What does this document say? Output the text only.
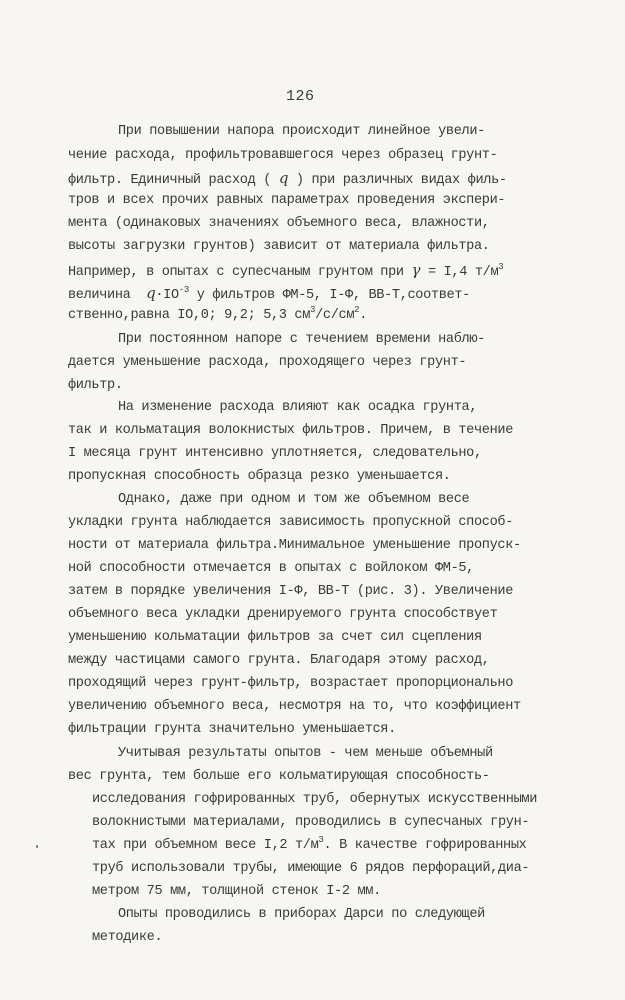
126
При повышении напора происходит линейное увели-
чение расхода, профильтровавшегося через образец грунт-
фильтр. Единичный расход ( q ) при различных видах филь-
тров и всех прочих равных параметрах проведения экспери-
мента (одинаковых значениях объемного веса, влажности,
высоты загрузки грунтов) зависит от материала фильтра.
Например, в опытах с супесчаным грунтом при γ = I,4 $т/м^3$
величина  $q\cdot IO^{-3}$ у фильтров ФМ-5, I-Ф, ВВ-Т,соответ-
ственно,равна IO,0; 9,2; 5,3 $см^3/с/см^2$.
При постоянном напоре с течением времени наблю-
дается уменьшение расхода, проходящего через грунт-
фильтр.
На изменение расхода влияют как осадка грунта,
так и кольматация волокнистых фильтров. Причем, в течение
I месяца грунт интенсивно уплотняется, следовательно,
пропускная способность образца резко уменьшается.
Однако, даже при одном и том же объемном весе
укладки грунта наблюдается зависимость пропускной способ-
ности от материала фильтра.Минимальное уменьшение пропуск-
ной способности отмечается в опытах с войлоком ФМ-5,
затем в порядке увеличения I-Ф, ВВ-Т (рис. 3). Увеличение
объемного веса укладки дренируемого грунта способствует
уменьшению кольматации фильтров за счет сил сцепления
между частицами самого грунта. Благодаря этому расход,
проходящий через грунт-фильтр, возрастает пропорционально
увеличению объемного веса, несмотря на то, что коэффициент
фильтрации грунта значительно уменьшается.
Учитывая результаты опытов - чем меньше объемный
вес грунта, тем больше его кольматирующая способность-
исследования гофрированных труб, обернутых искусственными
волокнистыми материалами, проводились в супесчаных грун-
тах при объемном весе I,2 $т/м^3$. В качестве гофрированных
труб использовали трубы, имеющие 6 рядов перфораций,диа-
метром 75 мм, толщиной стенок I-2 мм.
Опыты проводились в приборах Дарси по следующей
методике.
